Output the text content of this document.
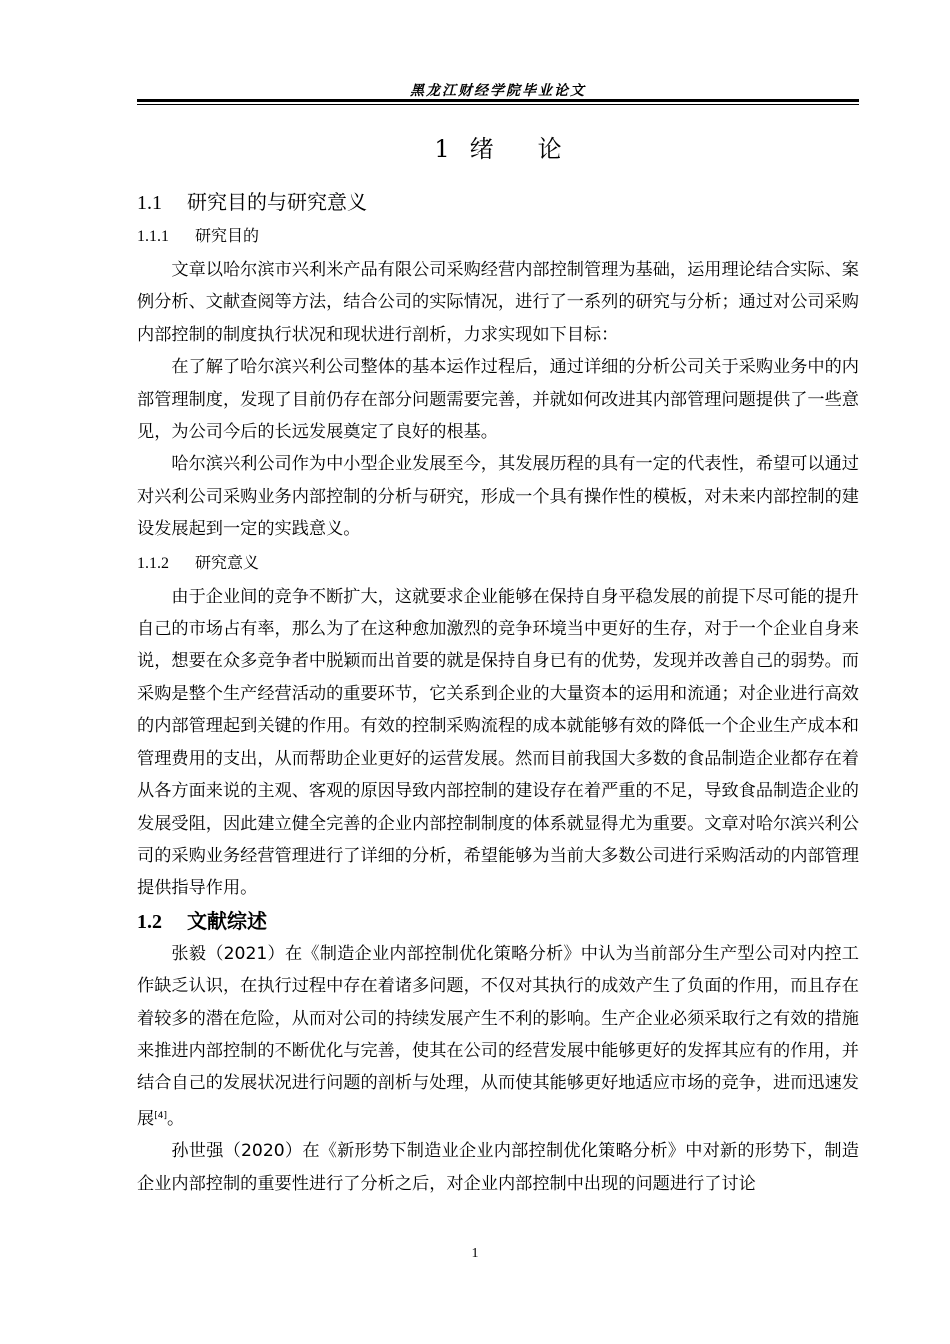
黑龙江财经学院毕业论文
1 绪 论
1.1 研究目的与研究意义
1.1.1 研究目的

文章以哈尔滨市兴利米产品有限公司采购经营内部控制管理为基础，运用理论结合实际、案例分析、文献查阅等方法，结合公司的实际情况，进行了一系列的研究与分析；通过对公司采购内部控制的制度执行状况和现状进行剖析，力求实现如下目标：

在了解了哈尔滨兴利公司整体的基本运作过程后，通过详细的分析公司关于采购业务中的内部管理制度，发现了目前仍存在部分问题需要完善，并就如何改进其内部管理问题提供了一些意见，为公司今后的长远发展奠定了良好的根基。

哈尔滨兴利公司作为中小型企业发展至今，其发展历程的具有一定的代表性，希望可以通过对兴利公司采购业务内部控制的分析与研究，形成一个具有操作性的模板，对未来内部控制的建设发展起到一定的实践意义。

1.1.2 研究意义

由于企业间的竞争不断扩大，这就要求企业能够在保持自身平稳发展的前提下尽可能的提升自己的市场占有率，那么为了在这种愈加激烈的竞争环境当中更好的生存，对于一个企业自身来说，想要在众多竞争者中脱颖而出首要的就是保持自身已有的优势，发现并改善自己的弱势。而采购是整个生产经营活动的重要环节，它关系到企业的大量资本的运用和流通；对企业进行高效的内部管理起到关键的作用。有效的控制采购流程的成本就能够有效的降低一个企业生产成本和管理费用的支出，从而帮助企业更好的运营发展。然而目前我国大多数的食品制造企业都存在着从各方面来说的主观、客观的原因导致内部控制的建设存在着严重的不足，导致食品制造企业的发展受阻，因此建立健全完善的企业内部控制制度的体系就显得尤为重要。文章对哈尔滨兴利公司的采购业务经营管理进行了详细的分析，希望能够为当前大多数公司进行采购活动的内部管理提供指导作用。

1.2 文献综述

张毅（2021）在《制造企业内部控制优化策略分析》中认为当前部分生产型公司对内控工作缺乏认识，在执行过程中存在着诸多问题，不仅对其执行的成效产生了负面的作用，而且存在着较多的潜在危险，从而对公司的持续发展产生不利的影响。生产企业必须采取行之有效的措施来推进内部控制的不断优化与完善，使其在公司的经营发展中能够更好的发挥其应有的作用，并结合自己的发展状况进行问题的剖析与处理，从而使其能够更好地适应市场的竞争，进而迅速发展[4]。

孙世强（2020）在《新形势下制造业企业内部控制优化策略分析》中对新的形势下，制造企业内部控制的重要性进行了分析之后，对企业内部控制中出现的问题进行了讨论

1
